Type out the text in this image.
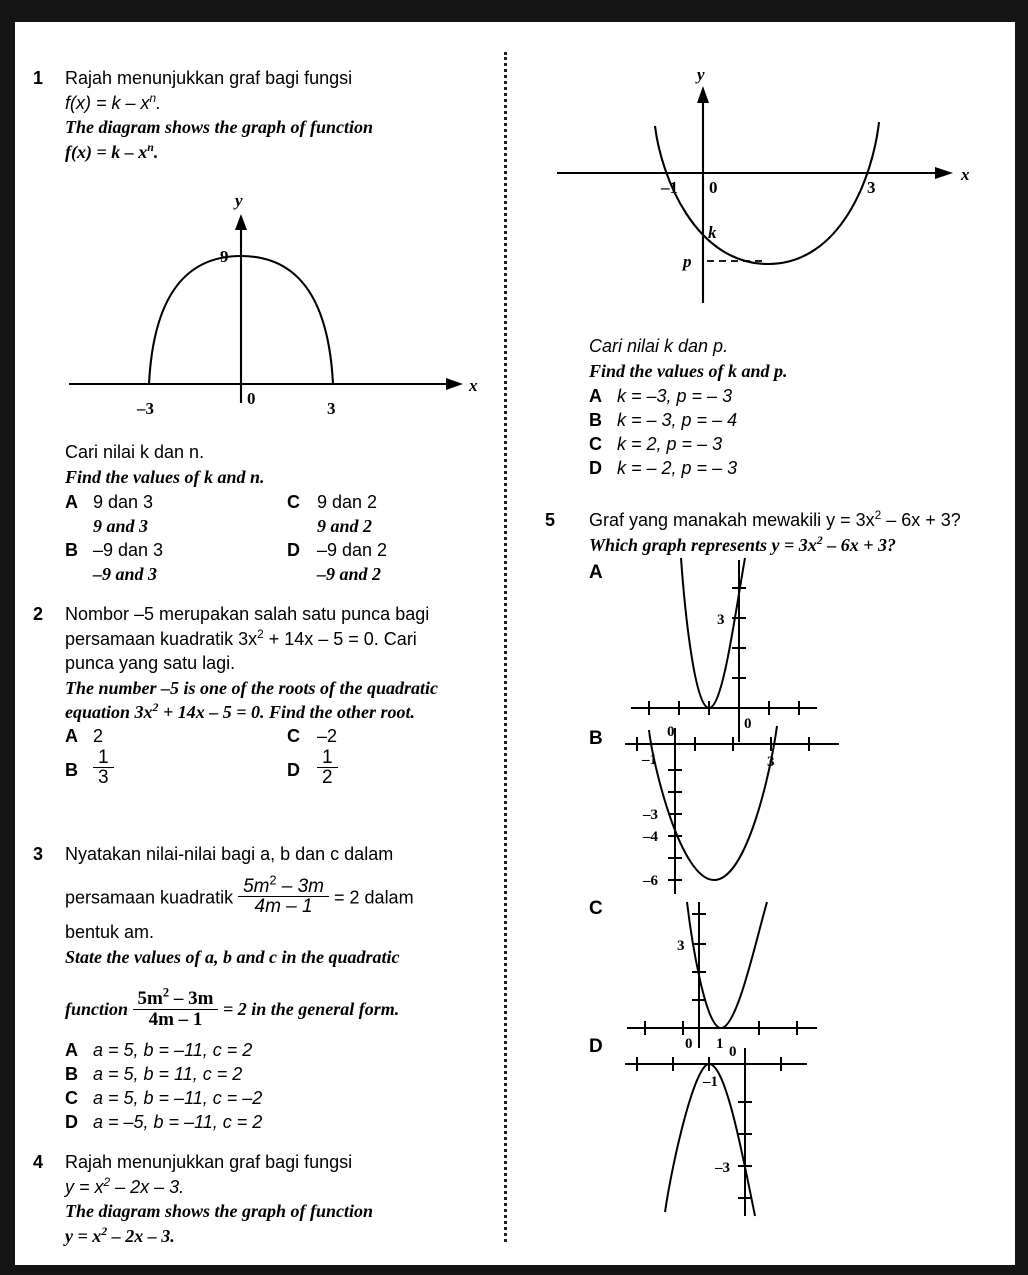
1 Rajah menunjukkan graf bagi fungsi
$f(x) = k - x^n$.
The diagram shows the graph of function
$f(x) = k - x^n$.
y
x
9
0
–3	3
Cari nilai k dan n.
Find the values of k and n.
A 9 dan 3	C 9 dan 2
9 and 3	9 and 2
B –9 dan 3	D –9 dan 2
–9 and 3	–9 and 2
2 Nombor –5 merupakan salah satu punca bagi
persamaan kuadratik $3x^2 + 14x - 5 = 0$. Cari
punca yang satu lagi.
The number –5 is one of the roots of the quadratic
equation $3x^2 + 14x - 5 = 0$. Find the other root.
A 2	C –2
B $\frac{1}{3}$	D $\frac{1}{2}$
3 Nyatakan nilai-nilai bagi a, b dan c dalam
persamaan kuadratik $\frac{5m^2 - 3m}{4m - 1} = 2$ dalam
bentuk am.
State the values of a, b and c in the quadratic
function $\frac{5m^2 - 3m}{4m - 1} = 2$ in the general form.
A a = 5, b = –11, c = 2
B a = 5, b = 11, c = 2
C a = 5, b = –11, c = –2
D a = –5, b = –11, c = 2
4 Rajah menunjukkan graf bagi fungsi
$y = x^2 - 2x - 3$.
The diagram shows the graph of function
$y = x^2 - 2x - 3$.
y
x
0
–1	3
k
p
Cari nilai k dan p.
Find the values of k and p.
A k = –3, p = – 3
B k = – 3, p = – 4
C k = 2, p = – 3
D k = – 2, p = – 3
5 Graf yang manakah mewakili $y = 3x^2 - 6x + 3$?
Which graph represents $y = 3x^2 - 6x + 3$?
A
3
0
B	0
–1	3
–3
–4
–6
C
3
0 1
D	0
–1
–3
